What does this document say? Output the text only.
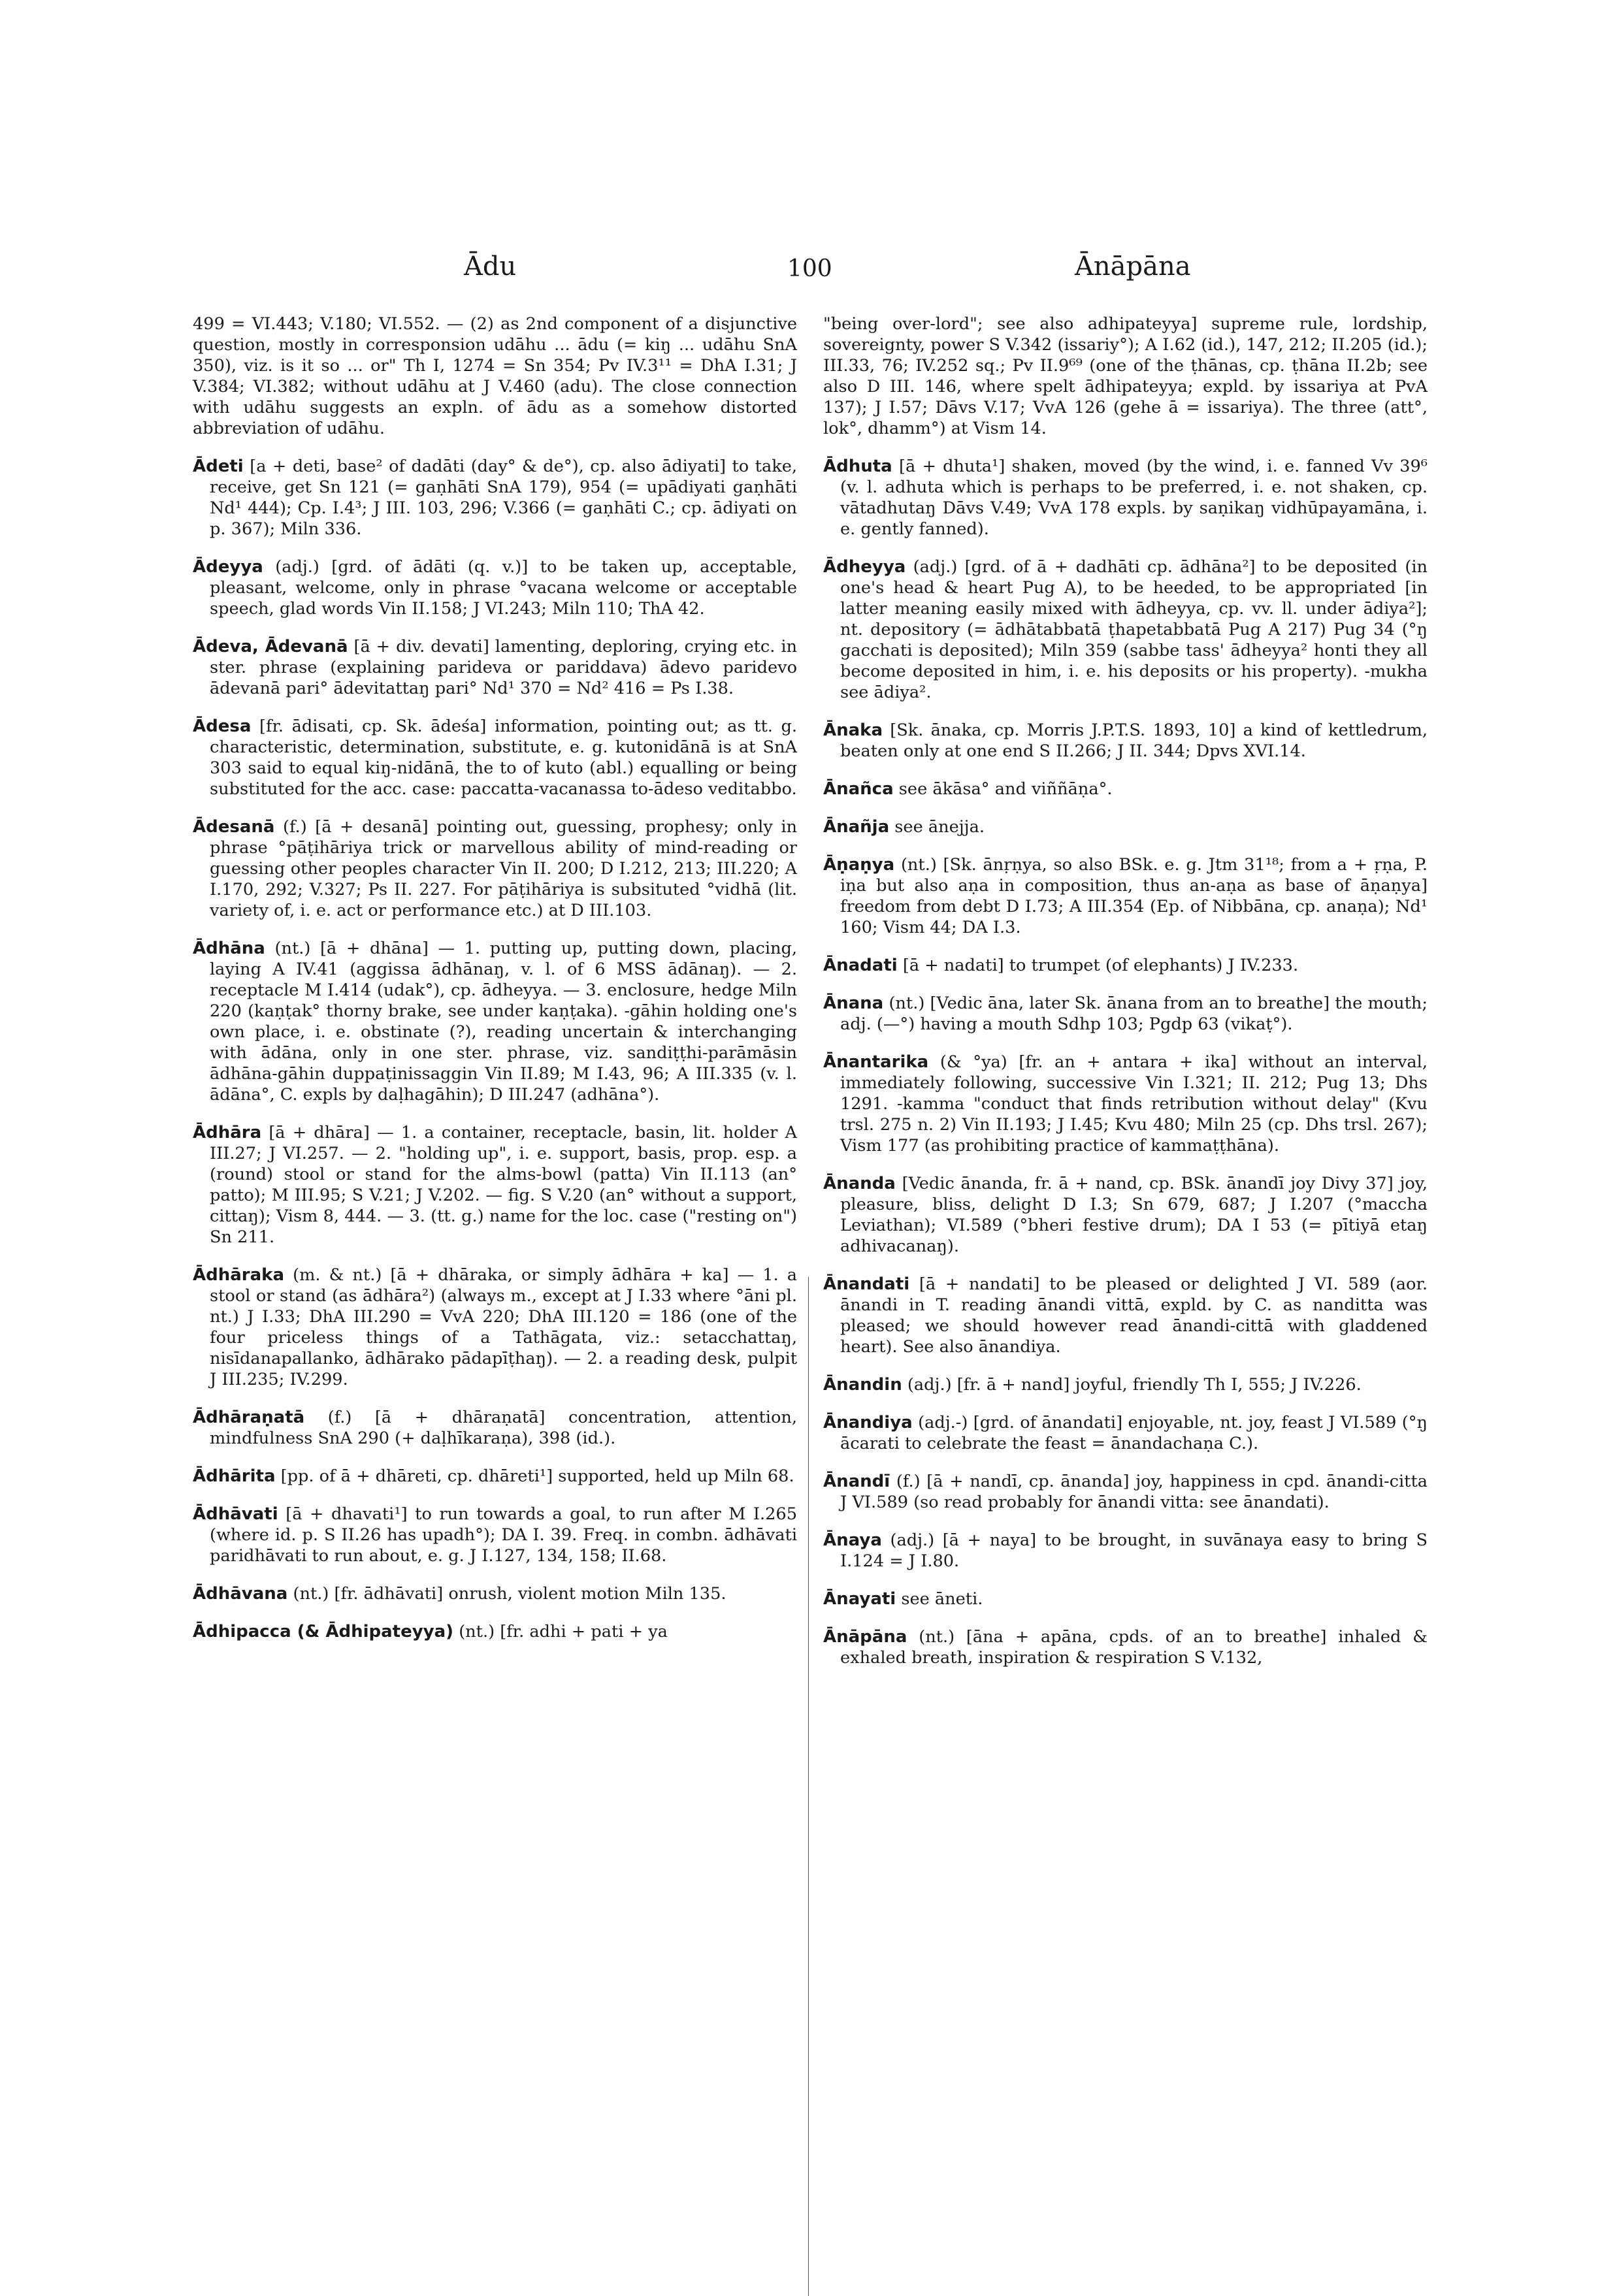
Ādu	100	Ānāpāna

499 = VI.443; V.180; VI.552. — (2) as 2nd component of a disjunctive question, mostly in corresponsion udāhu ... ādu (= kiŋ ... udāhu SnA 350), viz. is it so ... or" Th I, 1274 = Sn 354; Pv IV.3¹¹ = DhA I.31; J V.384; VI.382; without udāhu at J V.460 (adu). The close connection with udāhu suggests an expln. of ādu as a somehow distorted abbreviation of udāhu.

Ādeti [a + deti, base² of dadāti (day° & de°), cp. also ādiyati] to take, receive, get Sn 121 (= gaṇhāti SnA 179), 954 (= upādiyati gaṇhāti Nd¹ 444); Cp. I.4³; J III. 103, 296; V.366 (= gaṇhāti C.; cp. ādiyati on p. 367); Miln 336.

Ādeyya (adj.) [grd. of ādāti (q. v.)] to be taken up, acceptable, pleasant, welcome, only in phrase °vacana welcome or acceptable speech, glad words Vin II.158; J VI.243; Miln 110; ThA 42.

Ādeva, Ādevanā [ā + div. devati] lamenting, deploring, crying etc. in ster. phrase (explaining parideva or pariddava) ādevo paridevo ādevanā pari° ādevitattaŋ pari° Nd¹ 370 = Nd² 416 = Ps I.38.

Ādesa [fr. ādisati, cp. Sk. ādeśa] information, pointing out; as tt. g. characteristic, determination, substitute, e. g. kutonidānā is at SnA 303 said to equal kiŋ-nidānā, the to of kuto (abl.) equalling or being substituted for the acc. case: paccatta-vacanassa to-ādeso veditabbo.

Ādesanā (f.) [ā + desanā] pointing out, guessing, prophesy; only in phrase °pāṭihāriya trick or marvellous ability of mind-reading or guessing other peoples character Vin II. 200; D I.212, 213; III.220; A I.170, 292; V.327; Ps II. 227. For pāṭihāriya is subsituted °vidhā (lit. variety of, i. e. act or performance etc.) at D III.103.

Ādhāna (nt.) [ā + dhāna] — 1. putting up, putting down, placing, laying A IV.41 (aggissa ādhānaŋ, v. l. of 6 MSS ādānaŋ). — 2. receptacle M I.414 (udak°), cp. ādheyya. — 3. enclosure, hedge Miln 220 (kaṇṭak° thorny brake, see under kaṇṭaka). -gāhin holding one's own place, i. e. obstinate (?), reading uncertain & interchanging with ādāna, only in one ster. phrase, viz. sandiṭṭhi-parāmāsin ādhāna-gāhin duppaṭinissaggin Vin II.89; M I.43, 96; A III.335 (v. l. ādāna°, C. expls by daḷhagāhin); D III.247 (adhāna°).

Ādhāra [ā + dhāra] — 1. a container, receptacle, basin, lit. holder A III.27; J VI.257. — 2. "holding up", i. e. support, basis, prop. esp. a (round) stool or stand for the alms-bowl (patta) Vin II.113 (an° patto); M III.95; S V.21; J V.202. — fig. S V.20 (an° without a support, cittaŋ); Vism 8, 444. — 3. (tt. g.) name for the loc. case ("resting on") Sn 211.

Ādhāraka (m. & nt.) [ā + dhāraka, or simply ādhāra + ka] — 1. a stool or stand (as ādhāra²) (always m., except at J I.33 where °āni pl. nt.) J I.33; DhA III.290 = VvA 220; DhA III.120 = 186 (one of the four priceless things of a Tathāgata, viz.: setacchattaŋ, nisīdanapallanko, ādhārako pādapīṭhaŋ). — 2. a reading desk, pulpit J III.235; IV.299.

Ādhāraṇatā (f.) [ā + dhāraṇatā] concentration, attention, mindfulness SnA 290 (+ daḷhīkaraṇa), 398 (id.).

Ādhārita [pp. of ā + dhāreti, cp. dhāreti¹] supported, held up Miln 68.

Ādhāvati [ā + dhavati¹] to run towards a goal, to run after M I.265 (where id. p. S II.26 has upadh°); DA I. 39. Freq. in combn. ādhāvati paridhāvati to run about, e. g. J I.127, 134, 158; II.68.

Ādhāvana (nt.) [fr. ādhāvati] onrush, violent motion Miln 135.

Ādhipacca (& Ādhipateyya) (nt.) [fr. adhi + pati + ya

"being over-lord"; see also adhipateyya] supreme rule, lordship, sovereignty, power S V.342 (issariy°); A I.62 (id.), 147, 212; II.205 (id.); III.33, 76; IV.252 sq.; Pv II.9⁶⁹ (one of the ṭhānas, cp. ṭhāna II.2b; see also D III. 146, where spelt ādhipateyya; expld. by issariya at PvA 137); J I.57; Dāvs V.17; VvA 126 (gehe ā = issariya). The three (att°, lok°, dhamm°) at Vism 14.

Ādhuta [ā + dhuta¹] shaken, moved (by the wind, i. e. fanned Vv 39⁶ (v. l. adhuta which is perhaps to be preferred, i. e. not shaken, cp. vātadhutaŋ Dāvs V.49; VvA 178 expls. by saṇikaŋ vidhūpayamāna, i. e. gently fanned).

Ādheyya (adj.) [grd. of ā + dadhāti cp. ādhāna²] to be deposited (in one's head & heart Pug A), to be heeded, to be appropriated [in latter meaning easily mixed with ādheyya, cp. vv. ll. under ādiya²]; nt. depository (= ādhātabbatā ṭhapetabbatā Pug A 217) Pug 34 (°ŋ gacchati is deposited); Miln 359 (sabbe tass' ādheyya² honti they all become deposited in him, i. e. his deposits or his property). -mukha see ādiya².

Ānaka [Sk. ānaka, cp. Morris J.P.T.S. 1893, 10] a kind of kettledrum, beaten only at one end S II.266; J II. 344; Dpvs XVI.14.

Ānañca see ākāsa° and viññāṇa°.

Ānañja see ānejja.

Āṇaṇya (nt.) [Sk. ānṛṇya, so also BSk. e. g. Jtm 31¹⁸; from a + ṛṇa, P. iṇa but also aṇa in composition, thus an-aṇa as base of āṇaṇya] freedom from debt D I.73; A III.354 (Ep. of Nibbāna, cp. anaṇa); Nd¹ 160; Vism 44; DA I.3.

Ānadati [ā + nadati] to trumpet (of elephants) J IV.233.

Ānana (nt.) [Vedic āna, later Sk. ānana from an to breathe] the mouth; adj. (—°) having a mouth Sdhp 103; Pgdp 63 (vikaṭ°).

Ānantarika (& °ya) [fr. an + antara + ika] without an interval, immediately following, successive Vin I.321; II. 212; Pug 13; Dhs 1291. -kamma "conduct that finds retribution without delay" (Kvu trsl. 275 n. 2) Vin II.193; J I.45; Kvu 480; Miln 25 (cp. Dhs trsl. 267); Vism 177 (as prohibiting practice of kammaṭṭhāna).

Ānanda [Vedic ānanda, fr. ā + nand, cp. BSk. ānandī joy Divy 37] joy, pleasure, bliss, delight D I.3; Sn 679, 687; J I.207 (°maccha Leviathan); VI.589 (°bheri festive drum); DA I 53 (= pītiyā etaŋ adhivacanaŋ).

Ānandati [ā + nandati] to be pleased or delighted J VI. 589 (aor. ānandi in T. reading ānandi vittā, expld. by C. as nanditta was pleased; we should however read ānandi-cittā with gladdened heart). See also ānandiya.

Ānandin (adj.) [fr. ā + nand] joyful, friendly Th I, 555; J IV.226.

Ānandiya (adj.-) [grd. of ānandati] enjoyable, nt. joy, feast J VI.589 (°ŋ ācarati to celebrate the feast = ānandachaṇa C.).

Ānandī (f.) [ā + nandī, cp. ānanda] joy, happiness in cpd. ānandi-citta J VI.589 (so read probably for ānandi vitta: see ānandati).

Ānaya (adj.) [ā + naya] to be brought, in suvānaya easy to bring S I.124 = J I.80.

Ānayati see āneti.

Ānāpāna (nt.) [āna + apāna, cpds. of an to breathe] inhaled & exhaled breath, inspiration & respiration S V.132,
